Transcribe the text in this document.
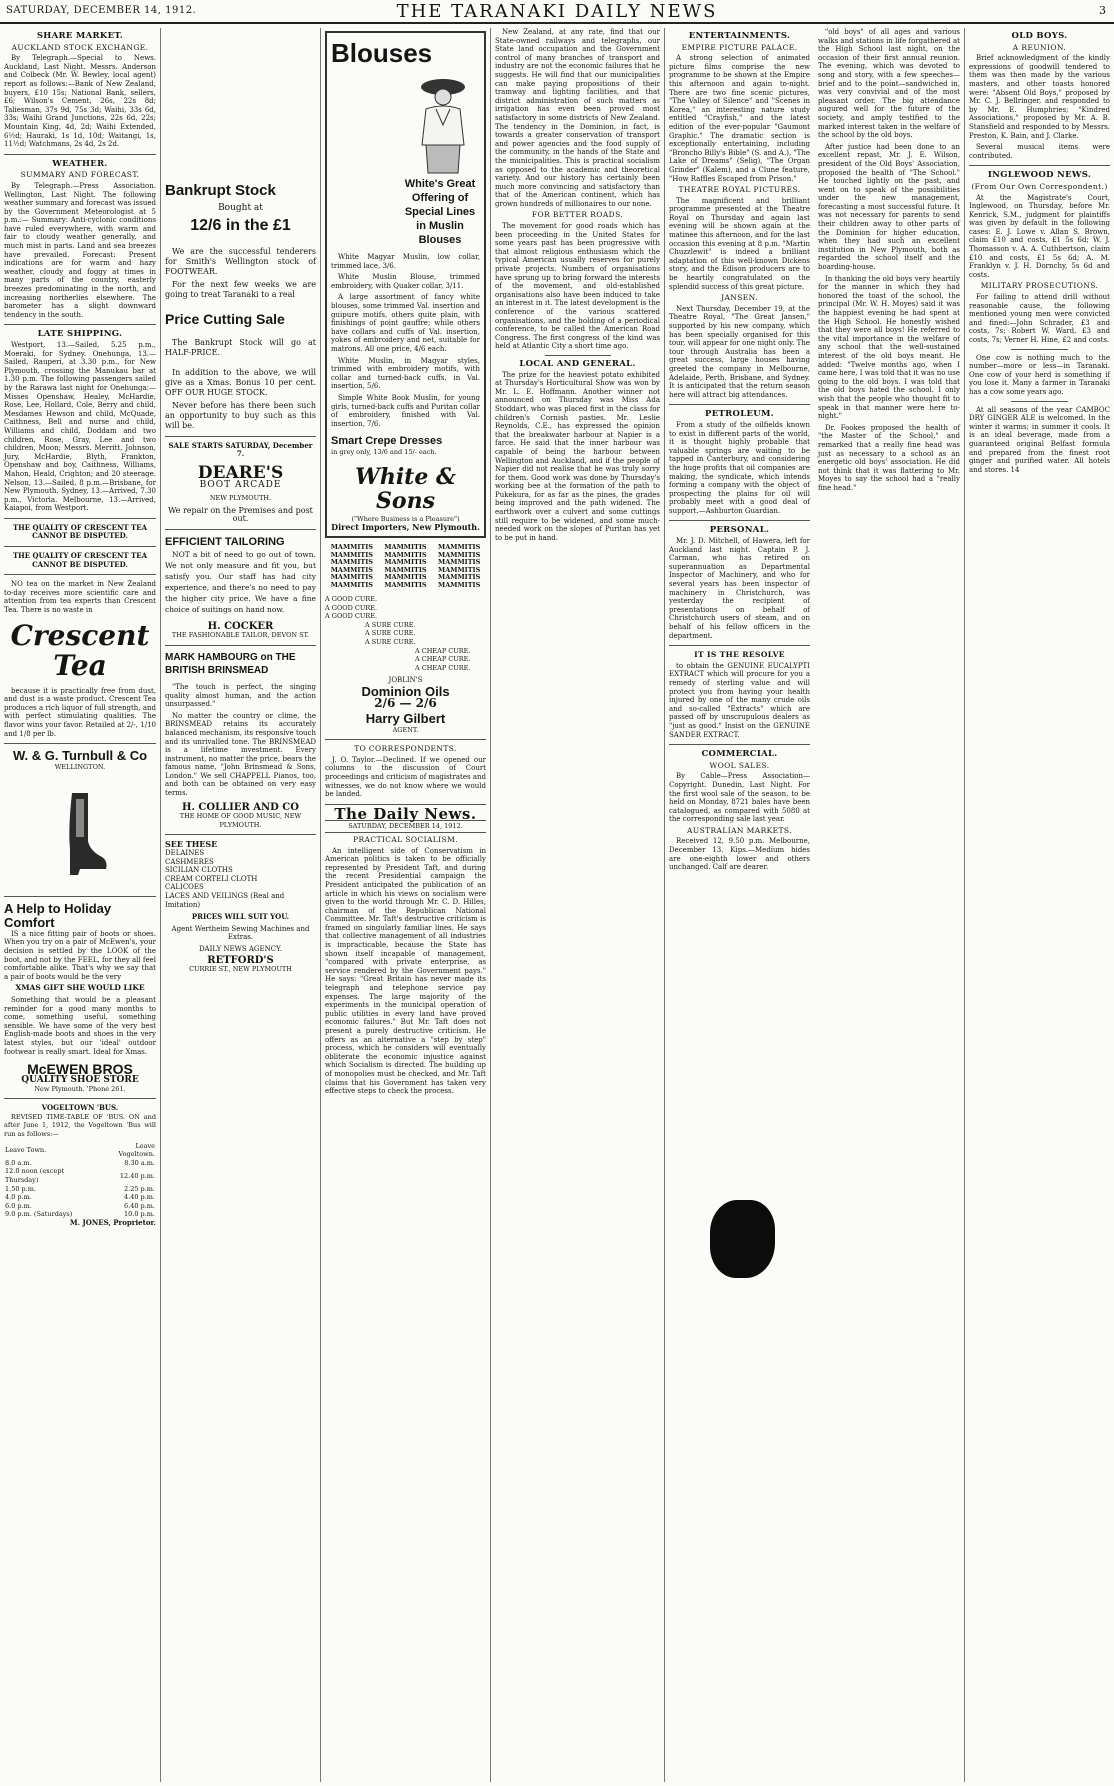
SATURDAY, DECEMBER 14, 1912.	THE TARANAKI DAILY NEWS	3
SHARE MARKET.
AUCKLAND STOCK EXCHANGE.

By Telegraph.—Special to News. Auckland, Last Night. Messrs. Anderson and Colbeck (Mr. W. Bewley, local agent) report as follows:—Bank of New Zealand, buyers, £10 15s; National Bank, sellers, £6; Wilson's Cement, 26s, 22s 8d; Taliesman, 37s 9d, 75s 3d; Waihi, 33s 6d, 33s; Waihi Grand Junctions, 22s 6d, 22s; Mountain King, 4d, 2d; Waihi Extended, 6½d; Hauraki, 1s 1d, 10d; Waitangi, 1s, 11½d; Watchmans, 2s 4d, 2s 2d.

WEATHER.
SUMMARY AND FORECAST.

By Telegraph.—Press Association. Wellington, Last Night. The following weather summary and forecast was issued by the Government Meteorologist at 5 p.m.:— Summary: Anti-cyclonic conditions have ruled everywhere, with warm and fair to cloudy weather generally, and much mist in parts. Land and sea breezes have prevailed. Forecast: Present indications are for warm and hazy weather, cloudy and foggy at times in many parts of the country, easterly breezes predominating in the north, and increasing northerlies elsewhere. The barometer has a slight downward tendency in the south.

LATE SHIPPING.

Westport, 13.—Sailed, 5.25 p.m., Moeraki, for Sydney. Onehunga, 13.—Sailed, Rauperi, at 3.30 p.m., for New Plymouth, crossing the Manukau bar at 1.30 p.m. The following passengers sailed by the Rarawa last night for Onehunga:—Misses Openshaw, Healey, McHardie, Rose, Lee, Hollard, Cole, Berry and child, Mesdames Hewson and child, McQuade, Caithness, Bell and nurse and child, Williams and child, Doddam and two children, Rose, Gray, Lee and two children, Moon; Messrs. Merritt, Johnson, Jury, McHardie, Blyth, Frankton, Openshaw and boy, Caithness, Williams, Mahon, Heald, Crighton; and 20 steerage. Nelson, 13.—Sailed, 8 p.m.—Brisbane, for New Plymouth. Sydney, 13.—Arrived, 7.30 p.m., Victoria. Melbourne, 13.—Arrived, Kaiapoi, from Westport.

THE QUALITY OF CRESCENT TEA CANNOT BE DISPUTED.

THE QUALITY OF CRESCENT TEA CANNOT BE DISPUTED.

NO tea on the market in New Zealand to-day receives more scientific care and attention from tea experts than Crescent Tea. There is no waste in

Crescent Tea

because it is practically free from dust, and dust is a waste product. Crescent Tea produces a rich liquor of full strength, and with perfect stimulating qualities. The flavor wins your favor. Retailed at 2/-, 1/10 and 1/8 per lb.

W. & G. Turnbull & Co
WELLINGTON.
A Help to Holiday Comfort

IS a nice fitting pair of boots or shoes. When you try on a pair of McEwen's, your decision is settled by the LOOK of the boot, and not by the FEEL, for they all feel comfortable alike. That's why we say that a pair of boots would be the very

XMAS GIFT SHE WOULD LIKE

Something that would be a pleasant reminder for a good many months to come, something useful, something sensible. We have some of the very best English-made boots and shoes in the very latest styles, but our 'ideal' outdoor footwear is really smart. Ideal for Xmas.

McEWEN BROS
QUALITY SHOE STORE
New Plymouth. 'Phone 261.
VOGELTOWN 'BUS.

REVISED TIME-TABLE OF 'BUS. ON and after June 1, 1912, the Vogeltown 'Bus will run as follows:—

Leave Town.	Leave Vogeltown.
8.0 a.m.	8.30 a.m.
12.0 noon (except Thursday)	12.40 p.m.
1.50 p.m.	2.25 p.m.
4.0 p.m.	4.40 p.m.
6.0 p.m.	6.40 p.m.
9.0 p.m. (Saturdays)	10.0 p.m.

M. JONES, Proprietor.

Bankrupt Stock
Bought at
12/6 in the £1

We are the successful tenderers for Smith's Wellington stock of FOOTWEAR.

For the next few weeks we are going to treat Taranaki to a real

Price Cutting Sale

The Bankrupt Stock will go at HALF-PRICE.

In addition to the above, we will give as a Xmas. Bonus 10 per cent. OFF OUR HUGE STOCK.

Never before has there been such an opportunity to buy such as this will be.

SALE STARTS SATURDAY, December 7.

DEARE'S
BOOT ARCADE
NEW PLYMOUTH.

We repair on the Premises and post out.

EFFICIENT TAILORING

NOT a bit of need to go out of town. We not only measure and fit you, but satisfy you. Our staff has had city experience, and there's no need to pay the higher city price. We have a fine choice of suitings on hand now.

H. COCKER
THE FASHIONABLE TAILOR, DEVON ST.
MARK HAMBOURG on THE BRITISH BRINSMEAD

"The touch is perfect, the singing quality almost human, and the action unsurpassed."

No matter the country or clime, the BRINSMEAD retains its accurately balanced mechanism, its responsive touch and its unrivalled tone. The BRINSMEAD is a lifetime investment. Every instrument, no matter the price, bears the famous name, "John Brinsmead & Sons, London." We sell CHAPPELL Pianos, too, and both can be obtained on very easy terms.

H. COLLIER AND CO
THE HOME OF GOOD MUSIC, NEW PLYMOUTH.
SEE THESE
DELAINES
CASHMERES
SICILIAN CLOTHS
CREAM CORTELI CLOTH
CALICOES
LACES AND VEILINGS (Real and Imitation)

PRICES WILL SUIT YOU.

Agent Wertheim Sewing Machines and Extras.

DAILY NEWS AGENCY.

RETFORD'S
CURRIE ST., NEW PLYMOUTH
Blouses
White's Great Offering of Special Lines in Muslin Blouses

White Magyar Muslin, low collar, trimmed lace, 3/6.

White Muslin Blouse, trimmed embroidery, with Quaker collar, 3/11.

A large assortment of fancy white blouses, some trimmed Val. insertion and guipure motifs, others quite plain, with finishings of point gauffre; while others have collars and cuffs of Val. insertion, yokes of embroidery and net, suitable for matrons. All one price, 4/6 each.

White Muslin, in Magyar styles, trimmed with embroidery motifs, with collar and turned-back cuffs, in Val. insertion, 5/6.

Simple White Book Muslin, for young girls, turned-back cuffs and Puritan collar of embroidery, finished with Val. insertion, 7/6.

Smart Crepe Dresses
in grey only, 13/6 and 15/- each.
White & Sons
("Where Business is a Pleasure")
Direct Importers, New Plymouth.
MAMMITIS	MAMMITIS	MAMMITIS
MAMMITIS	MAMMITIS	MAMMITIS
MAMMITIS	MAMMITIS	MAMMITIS
MAMMITIS	MAMMITIS	MAMMITIS
MAMMITIS	MAMMITIS	MAMMITIS
MAMMITIS	MAMMITIS	MAMMITIS
A GOOD CURE.
A GOOD CURE.
A GOOD CURE.
A SURE CURE.
A SURE CURE.
A SURE CURE.
A CHEAP CURE.
A CHEAP CURE.
A CHEAP CURE.
JOBLIN'S
Dominion Oils
2/6 — 2/6
Harry Gilbert
AGENT.
TO CORRESPONDENTS.

J. O. Taylor.—Declined. If we opened our columns to the discussion of Court proceedings and criticism of magistrates and witnesses, we do not know where we would be landed.

The Daily News.
SATURDAY, DECEMBER 14, 1912.
PRACTICAL SOCIALISM.

An intelligent side of Conservatism in American politics is taken to be officially represented by President Taft, and during the recent Presidential campaign the President anticipated the publication of an article in which his views on socialism were given to the world through Mr. C. D. Hilles, chairman of the Republican National Committee. Mr. Taft's destructive criticism is framed on singularly familiar lines. He says that collective management of all industries is impracticable, because the State has shown itself incapable of management, "compared with private enterprise, as service rendered by the Government pays." He says: "Great Britain has never made its telegraph and telephone service pay expenses. The large majority of the experiments in the municipal operation of public utilities in every land have proved economic failures." But Mr. Taft does not present a purely destructive criticism. He offers as an alternative a "step by step" process, which he considers will eventually obliterate the economic injustice against which Socialism is directed. The building up of monopolies must be checked, and Mr. Taft claims that his Government has taken very effective steps to check the process.

New Zealand, at any rate, find that our State-owned railways and telegraphs, our State land occupation and the Government control of many branches of transport and industry are not the economic failures that he suggests. He will find that our municipalities can make paying propositions of their tramway and lighting facilities, and that district administration of such matters as irrigation has even been proved most satisfactory in some districts of New Zealand. The tendency in the Dominion, in fact, is towards a greater conservation of transport and power agencies and the food supply of the community, in the hands of the State and the municipalities. This is practical socialism as opposed to the academic and theoretical variety. And our history has certainly been much more convincing and satisfactory than that of the American continent, which has grown hundreds of millionaires to our none.

FOR BETTER ROADS.

The movement for good roads which has been proceeding in the United States for some years past has been progressive with that almost religious enthusiasm which the typical American usually reserves for purely private projects. Numbers of organisations have sprung up to bring forward the interests of the movement, and old-established organisations also have been induced to take an interest in it. The latest development is the conference of the various scattered organisations, and the holding of a periodical conference, to be called the American Road Congress. The first congress of the kind was held at Atlantic City a short time ago.

LOCAL AND GENERAL.

The prize for the heaviest potato exhibited at Thursday's Horticultural Show was won by Mr. L. E. Hoffmann. Another winner not announced on Thursday was Miss Ada Stoddart, who was placed first in the class for children's Cornish pasties. Mr. Leslie Reynolds, C.E., has expressed the opinion that the breakwater harbour at Napier is a farce. He said that the inner harbour was capable of being the harbour between Wellington and Auckland, and if the people of Napier did not realise that he was truly sorry for them. Good work was done by Thursday's working bee at the formation of the path to Pukekura, for as far as the pines, the grades being improved and the path widened. The earthwork over a culvert and some cuttings still require to be widened, and some much-needed work on the slopes of Puritan has yet to be put in hand.

ENTERTAINMENTS.
EMPIRE PICTURE PALACE.

A strong selection of animated picture films comprise the new programme to be shown at the Empire this afternoon and again to-night. There are two fine scenic pictures, "The Valley of Silence" and "Scenes in Korea," an interesting nature study entitled "Crayfish," and the latest edition of the ever-popular "Gaumont Graphic." The dramatic section is exceptionally entertaining, including "Broncho Billy's Bible" (S. and A.), "The Lake of Dreams" (Selig), "The Organ Grinder" (Kalem), and a Clune feature, "How Raffles Escaped from Prison."

THEATRE ROYAL PICTURES.

The magnificent and brilliant programme presented at the Theatre Royal on Thursday and again last evening will be shown again at the matinee this afternoon, and for the last occasion this evening at 8 p.m. "Martin Chuzzlewit" is indeed a brilliant adaptation of this well-known Dickens story, and the Edison producers are to be heartily congratulated on the splendid success of this great picture.

JANSEN.

Next Thursday, December 19, at the Theatre Royal, "The Great Jansen," supported by his new company, which has been specially organised for this tour, will appear for one night only. The tour through Australia has been a great success, large houses having greeted the company in Melbourne, Adelaide, Perth, Brisbane, and Sydney. It is anticipated that the return season here will attract big attendances.

PETROLEUM.

From a study of the oilfields known to exist in different parts of the world, it is thought highly probable that valuable springs are waiting to be tapped in Canterbury, and considering the huge profits that oil companies are making, the syndicate, which intends forming a company with the object of prospecting the plains for oil will probably meet with a good deal of support.—Ashburton Guardian.

PERSONAL.

Mr. J. D. Mitchell, of Hawera, left for Auckland last night. Captain P. J. Carman, who has retired on superannuation as Departmental Inspector of Machinery, and who for several years has been inspector of machinery in Christchurch, was yesterday the recipient of presentations on behalf of Christchurch users of steam, and on behalf of his fellow officers in the department.

IT IS THE RESOLVE

to obtain the GENUINE EUCALYPTI EXTRACT which will procure for you a remedy of sterling value and will protect you from having your health injured by one of the many crude oils and so-called "Extracts" which are passed off by unscrupulous dealers as "just as good." Insist on the GENUINE SANDER EXTRACT.

COMMERCIAL.
WOOL SALES.

By Cable—Press Association—Copyright. Dunedin, Last Night. For the first wool sale of the season, to be held on Monday, 8721 bales have been catalogued, as compared with 5080 at the corresponding sale last year.

AUSTRALIAN MARKETS.

Received 12, 9.50 p.m. Melbourne, December 13. Kips.—Medium hides are one-eighth lower and others unchanged. Calf are dearer.

"old boys" of all ages and various walks and stations in life forgathered at the High School last night, on the occasion of their first annual reunion. The evening, which was devoted to song and story, with a few speeches—brief and to the point—sandwiched in, was very convivial and of the most pleasant order. The big attendance augured well for the future of the society, and amply testified to the marked interest taken in the welfare of the school by the old boys.

After justice had been done to an excellent repast, Mr. J. E. Wilson, president of the Old Boys' Association, proposed the health of "The School." He touched lightly on the past, and went on to speak of the possibilities under the new management, forecasting a most successful future. It was not necessary for parents to send their children away to other parts of the Dominion for higher education, when they had such an excellent institution in New Plymouth, both as regarded the school itself and the boarding-house.

In thanking the old boys very heartily for the manner in which they had honored the toast of the school, the principal (Mr. W. H. Moyes) said it was the happiest evening he had spent at the High School. He honestly wished that they were all boys! He referred to the vital importance in the welfare of any school that the well-sustained interest of the old boys meant. He added: "Twelve months ago, when I came here, I was told that it was no use going to the old boys. I was told that the old boys hated the school. I only wish that the people who thought fit to speak in that manner were here to-night."

Dr. Fookes proposed the health of "the Master of the School," and remarked that a really fine head was just as necessary to a school as an energetic old boys' association. He did not think that it was flattering to Mr. Moyes to say the school had a "really fine head."

OLD BOYS.
A REUNION.

Brief acknowledgment of the kindly expressions of goodwill tendered to them was then made by the various masters, and other toasts honored were: "Absent Old Boys," proposed by Mr. C. J. Bellringer, and responded to by Mr. E. Humphries; "Kindred Associations," proposed by Mr. A. B. Stansfield and responded to by Messrs. Preston, K. Bain, and J. Clarke.

Several musical items were contributed.

INGLEWOOD NEWS.
(From Our Own Correspondent.)

At the Magistrate's Court, Inglewood, on Thursday, before Mr. Kenrick, S.M., judgment for plaintiffs was given by default in the following cases: E. J. Lowe v. Allan S. Brown, claim £10 and costs, £1 5s 6d; W. J. Thomasson v. A. A. Cuthbertson, claim £10 and costs, £1 5s 6d; A. M. Franklyn v. J. H. Dornchy, 5s 6d and costs.

MILITARY PROSECUTIONS.

For failing to attend drill without reasonable cause, the following mentioned young men were convicted and fined:—John Schrader, £3 and costs, 7s; Robert W. Ward, £3 and costs, 7s; Verner H. Hine, £2 and costs.

One cow is nothing much to the number—more or less—in Taranaki. One cow of your herd is something if you lose it. Many a farmer in Taranaki has a cow some years ago.

At all seasons of the year CAMBOC DRY GINGER ALE is welcomed. In the winter it warms; in summer it cools. It is an ideal beverage, made from a guaranteed original Belfast formula and prepared from the finest root ginger and purified water. All hotels and stores. 14
